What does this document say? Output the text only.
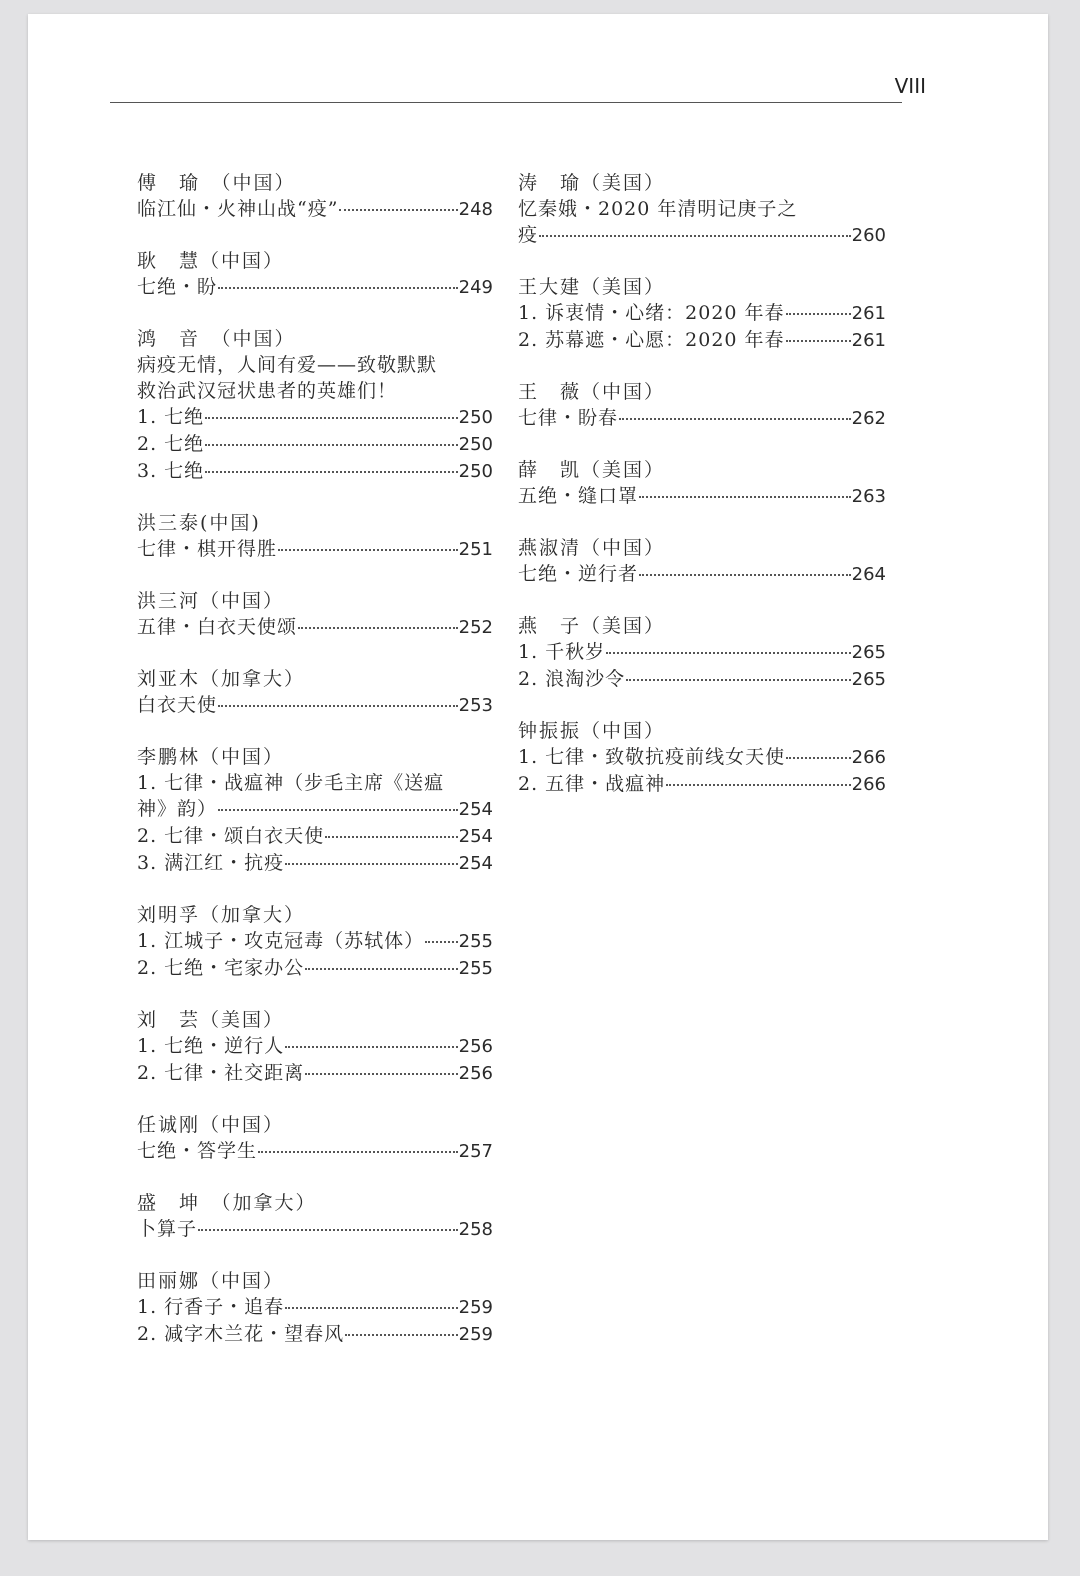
VIII
傅　瑜　（中国）
临江仙・火神山战“疫”	248
耿　慧（中国）
七绝・盼	249
鸿　音　（中国）
病疫无情，人间有爱——致敬默默
救治武汉冠状患者的英雄们！
1. 七绝	250
2. 七绝	250
3. 七绝	250
洪三泰(中国)
七律・棋开得胜	251
洪三河（中国）
五律・白衣天使颂	252
刘亚木（加拿大）
白衣天使	253
李鹏林（中国）
1. 七律・战瘟神（步毛主席《送瘟
神》韵）	254
2. 七律・颂白衣天使	254
3. 满江红・抗疫	254
刘明孚（加拿大）
1. 江城子・攻克冠毒（苏轼体） 255
2. 七绝・宅家办公	255
刘　芸（美国）
1. 七绝・逆行人	256
2. 七律・社交距离	256
任诚刚（中国）
七绝・答学生	257
盛　坤　（加拿大）
卜算子	258
田丽娜（中国）
1. 行香子・追春	259
2. 减字木兰花・望春风	259
涛　瑜（美国）
忆秦娥・2020 年清明记庚子之
疫	260
王大建（美国）
1. 诉衷情・心绪：2020 年春	261
2. 苏幕遮・心愿：2020 年春	261
王　薇（中国）
七律・盼春	262
薛　凯（美国）
五绝・缝口罩	263
燕淑清（中国）
七绝・逆行者	264
燕　子（美国）
1. 千秋岁	265
2. 浪淘沙令	265
钟振振（中国）
1. 七律・致敬抗疫前线女天使	266
2. 五律・战瘟神	266
